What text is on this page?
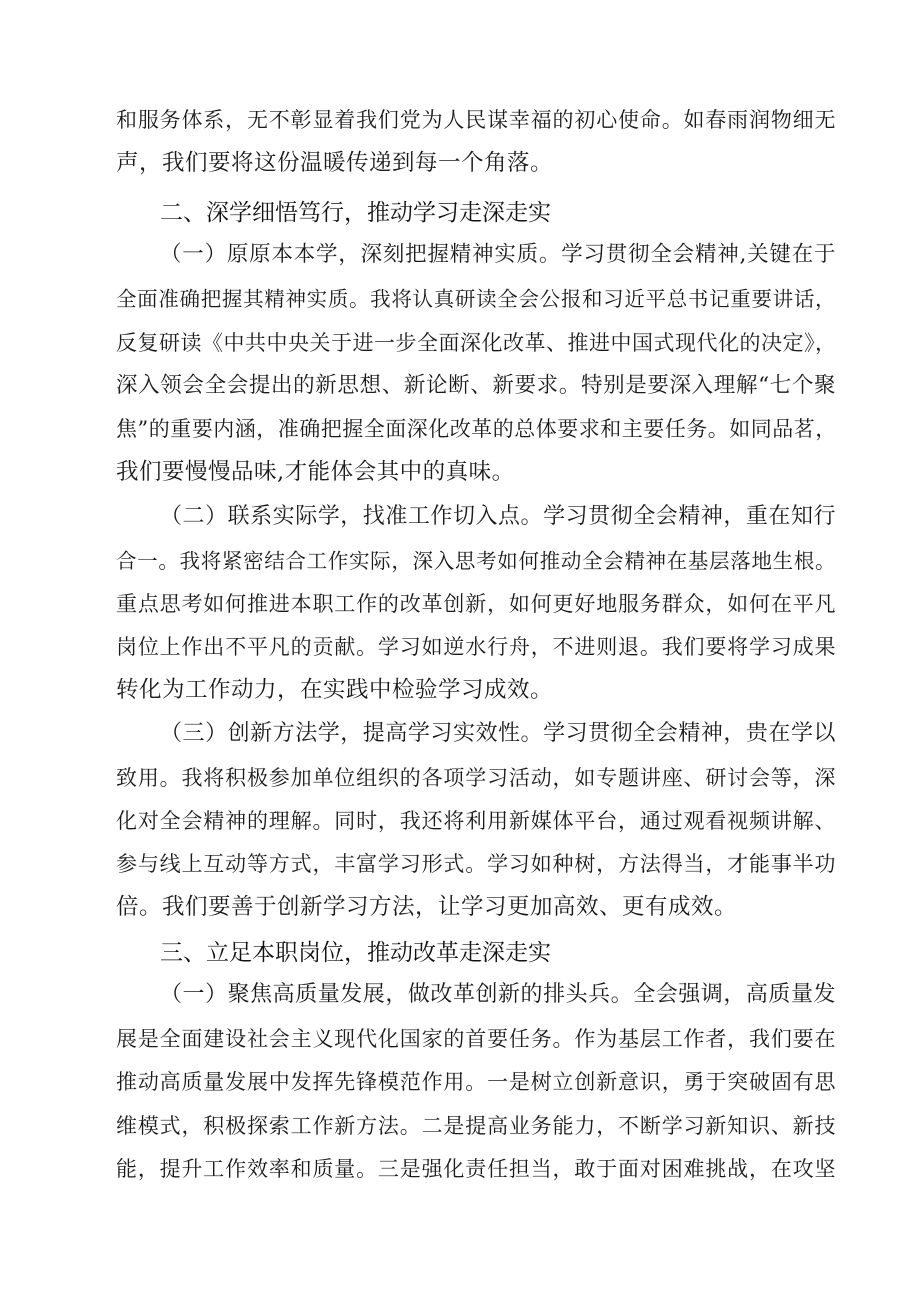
和服务体系，无不彰显着我们党为人民谋幸福的初心使命。如春雨润物细无
声，我们要将这份温暖传递到每一个角落。
二、深学细悟笃行，推动学习走深走实
（一）原原本本学，深刻把握精神实质。学习贯彻全会精神,关键在于
全面准确把握其精神实质。我将认真研读全会公报和习近平总书记重要讲话，
反复研读《中共中央关于进一步全面深化改革、推进中国式现代化的决定》，
深入领会全会提出的新思想、新论断、新要求。特别是要深入理解“七个聚
焦”的重要内涵，准确把握全面深化改革的总体要求和主要任务。如同品茗，
我们要慢慢品味,才能体会其中的真味。
（二）联系实际学，找准工作切入点。学习贯彻全会精神，重在知行
合一。我将紧密结合工作实际，深入思考如何推动全会精神在基层落地生根。
重点思考如何推进本职工作的改革创新，如何更好地服务群众，如何在平凡
岗位上作出不平凡的贡献。学习如逆水行舟，不进则退。我们要将学习成果
转化为工作动力，在实践中检验学习成效。
（三）创新方法学，提高学习实效性。学习贯彻全会精神，贵在学以
致用。我将积极参加单位组织的各项学习活动，如专题讲座、研讨会等，深
化对全会精神的理解。同时，我还将利用新媒体平台，通过观看视频讲解、
参与线上互动等方式，丰富学习形式。学习如种树，方法得当，才能事半功
倍。我们要善于创新学习方法，让学习更加高效、更有成效。
三、立足本职岗位，推动改革走深走实
（一）聚焦高质量发展，做改革创新的排头兵。全会强调，高质量发
展是全面建设社会主义现代化国家的首要任务。作为基层工作者，我们要在
推动高质量发展中发挥先锋模范作用。一是树立创新意识，勇于突破固有思
维模式，积极探索工作新方法。二是提高业务能力，不断学习新知识、新技
能，提升工作效率和质量。三是强化责任担当，敢于面对困难挑战，在攻坚
